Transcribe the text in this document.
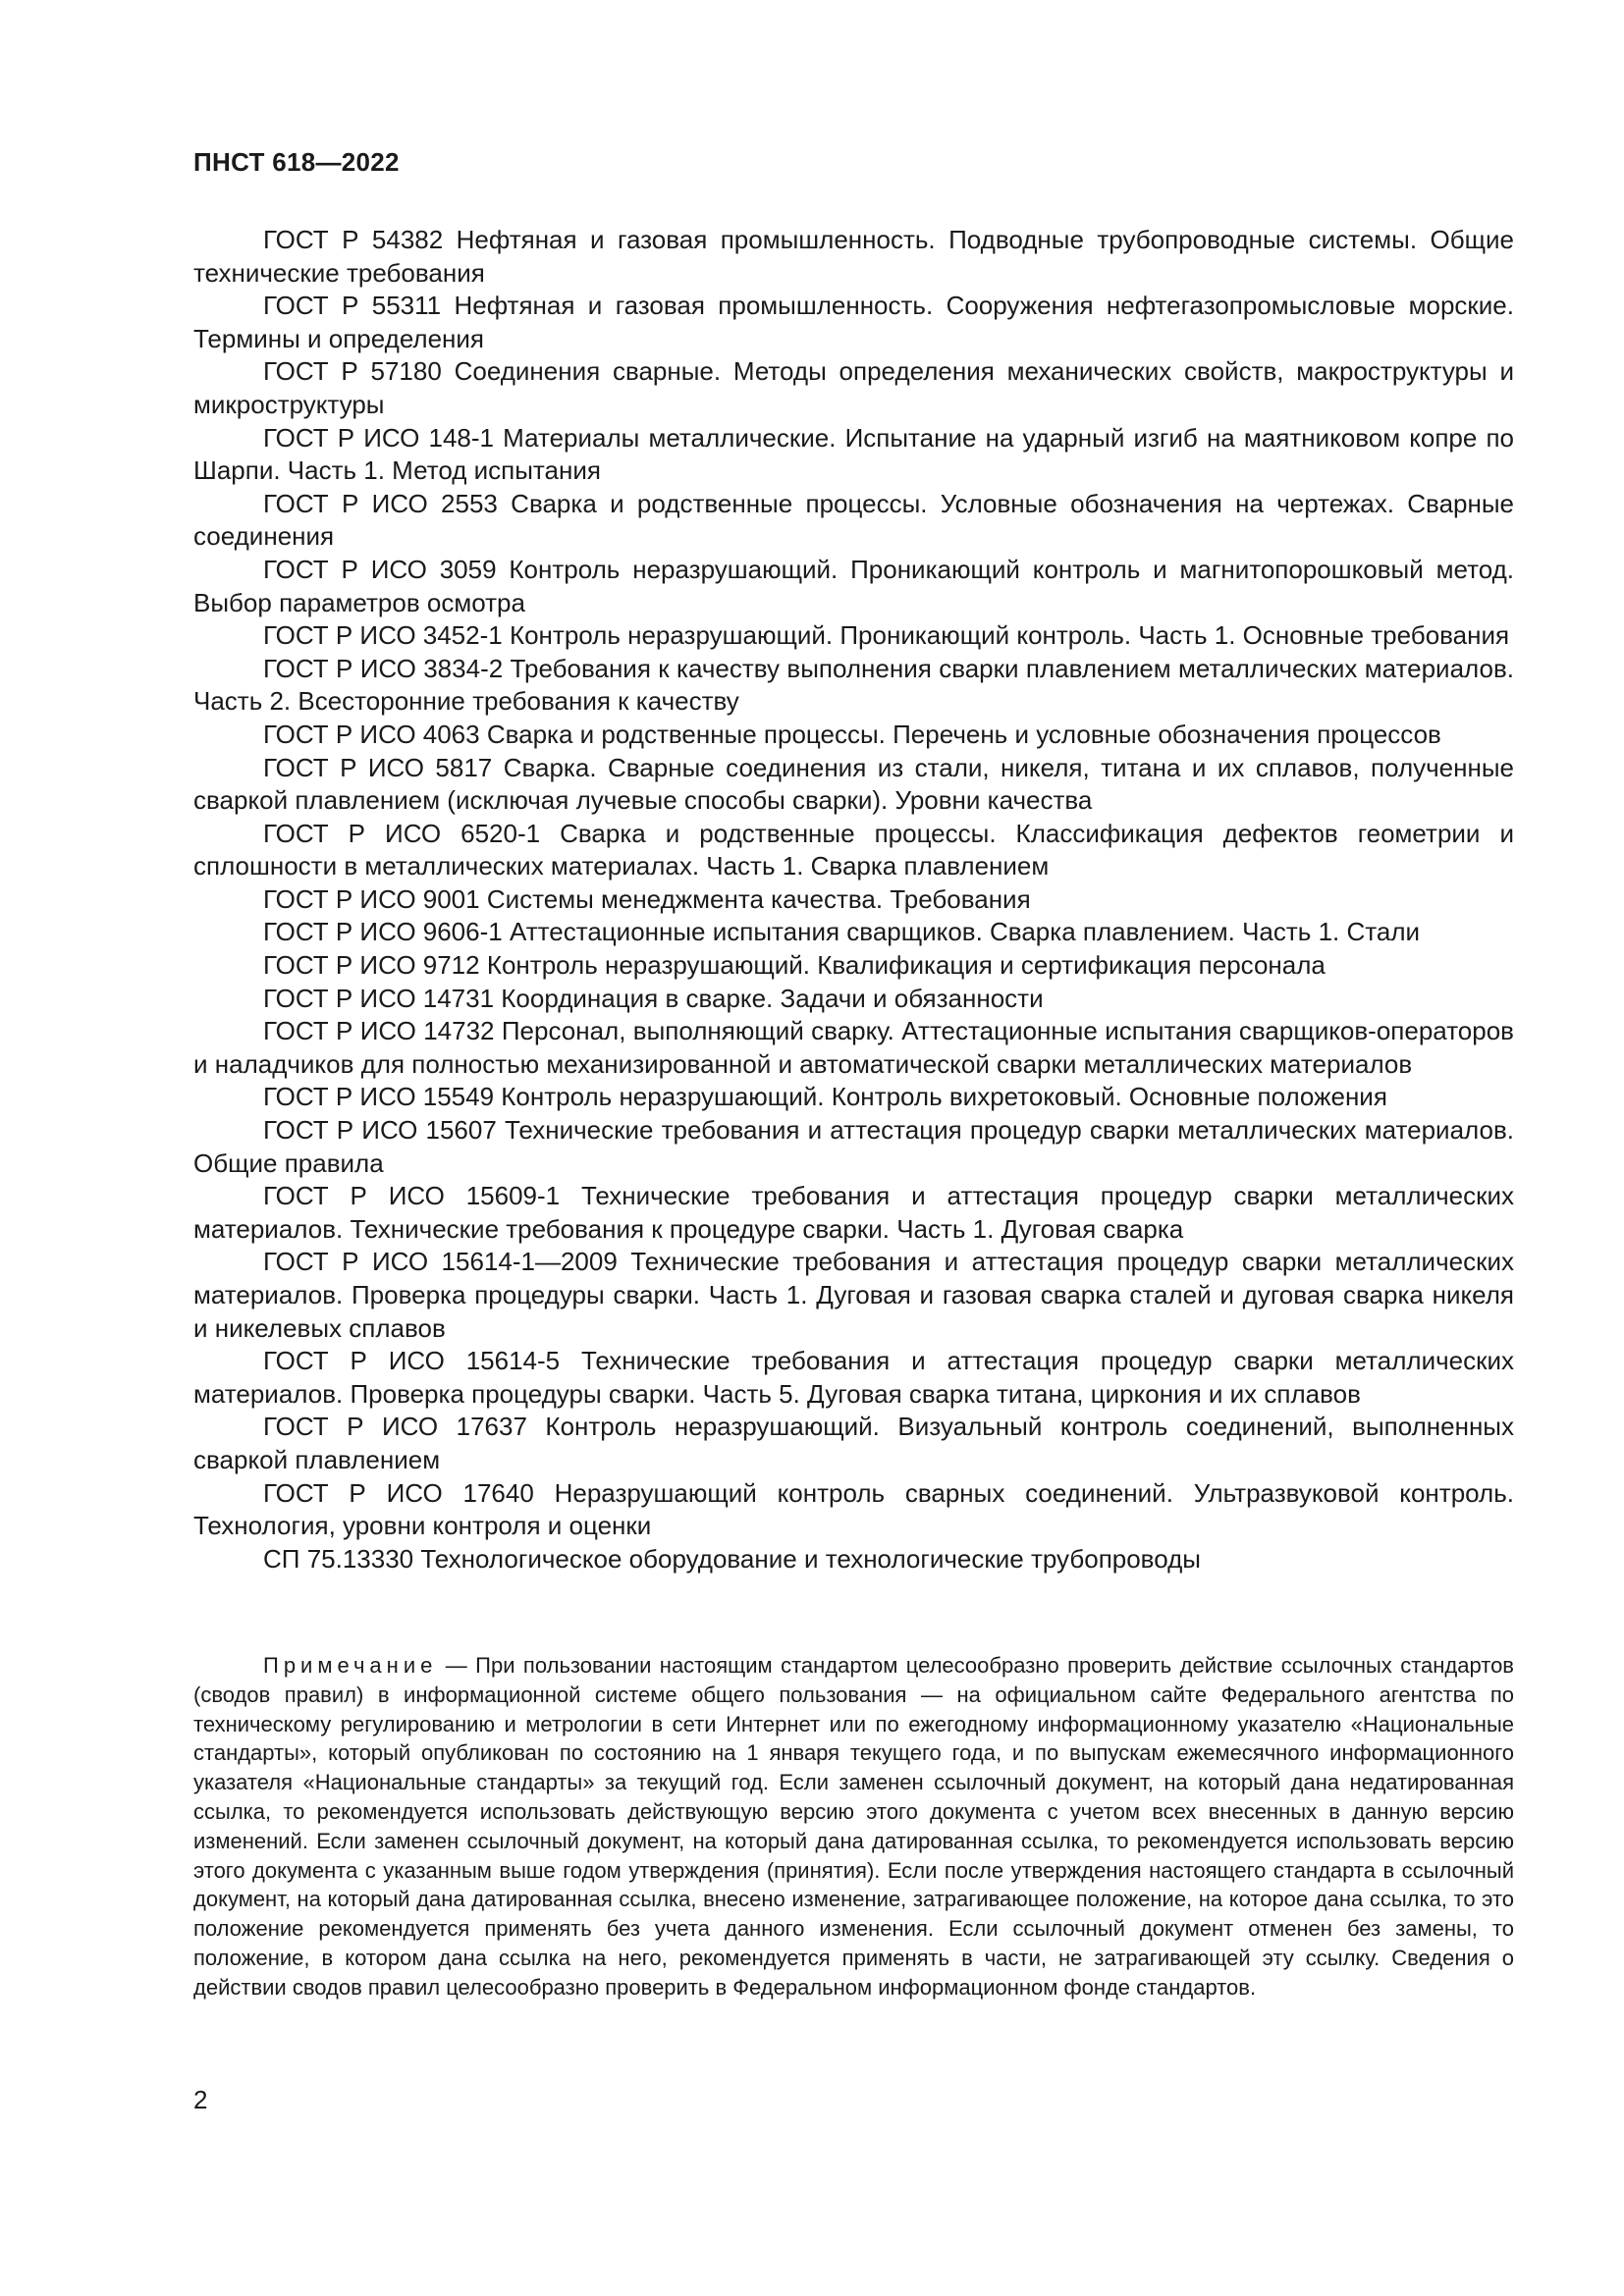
ПНСТ 618—2022
ГОСТ Р 54382 Нефтяная и газовая промышленность. Подводные трубопроводные системы. Общие технические требования
ГОСТ Р 55311 Нефтяная и газовая промышленность. Сооружения нефтегазопромысловые морские. Термины и определения
ГОСТ Р 57180 Соединения сварные. Методы определения механических свойств, макроструктуры и микроструктуры
ГОСТ Р ИСО 148-1 Материалы металлические. Испытание на ударный изгиб на маятниковом копре по Шарпи. Часть 1. Метод испытания
ГОСТ Р ИСО 2553 Сварка и родственные процессы. Условные обозначения на чертежах. Сварные соединения
ГОСТ Р ИСО 3059 Контроль неразрушающий. Проникающий контроль и магнитопорошковый метод. Выбор параметров осмотра
ГОСТ Р ИСО 3452-1 Контроль неразрушающий. Проникающий контроль. Часть 1. Основные требования
ГОСТ Р ИСО 3834-2 Требования к качеству выполнения сварки плавлением металлических материалов. Часть 2. Всесторонние требования к качеству
ГОСТ Р ИСО 4063 Сварка и родственные процессы. Перечень и условные обозначения процессов
ГОСТ Р ИСО 5817 Сварка. Сварные соединения из стали, никеля, титана и их сплавов, полученные сваркой плавлением (исключая лучевые способы сварки). Уровни качества
ГОСТ Р ИСО 6520-1 Сварка и родственные процессы. Классификация дефектов геометрии и сплошности в металлических материалах. Часть 1. Сварка плавлением
ГОСТ Р ИСО 9001 Системы менеджмента качества. Требования
ГОСТ Р ИСО 9606-1 Аттестационные испытания сварщиков. Сварка плавлением. Часть 1. Стали
ГОСТ Р ИСО 9712 Контроль неразрушающий. Квалификация и сертификация персонала
ГОСТ Р ИСО 14731 Координация в сварке. Задачи и обязанности
ГОСТ Р ИСО 14732 Персонал, выполняющий сварку. Аттестационные испытания сварщиков-операторов и наладчиков для полностью механизированной и автоматической сварки металлических материалов
ГОСТ Р ИСО 15549 Контроль неразрушающий. Контроль вихретоковый. Основные положения
ГОСТ Р ИСО 15607 Технические требования и аттестация процедур сварки металлических материалов. Общие правила
ГОСТ Р ИСО 15609-1 Технические требования и аттестация процедур сварки металлических материалов. Технические требования к процедуре сварки. Часть 1. Дуговая сварка
ГОСТ Р ИСО 15614-1—2009 Технические требования и аттестация процедур сварки металлических материалов. Проверка процедуры сварки. Часть 1. Дуговая и газовая сварка сталей и дуговая сварка никеля и никелевых сплавов
ГОСТ Р ИСО 15614-5 Технические требования и аттестация процедур сварки металлических материалов. Проверка процедуры сварки. Часть 5. Дуговая сварка титана, циркония и их сплавов
ГОСТ Р ИСО 17637 Контроль неразрушающий. Визуальный контроль соединений, выполненных сваркой плавлением
ГОСТ Р ИСО 17640 Неразрушающий контроль сварных соединений. Ультразвуковой контроль. Технология, уровни контроля и оценки
СП 75.13330 Технологическое оборудование и технологические трубопроводы

Примечание — При пользовании настоящим стандартом целесообразно проверить действие ссылочных стандартов (сводов правил) в информационной системе общего пользования — на официальном сайте Федерального агентства по техническому регулированию и метрологии в сети Интернет или по ежегодному информационному указателю «Национальные стандарты», который опубликован по состоянию на 1 января текущего года, и по выпускам ежемесячного информационного указателя «Национальные стандарты» за текущий год. Если заменен ссылочный документ, на который дана недатированная ссылка, то рекомендуется использовать действующую версию этого документа с учетом всех внесенных в данную версию изменений. Если заменен ссылочный документ, на который дана датированная ссылка, то рекомендуется использовать версию этого документа с указанным выше годом утверждения (принятия). Если после утверждения настоящего стандарта в ссылочный документ, на который дана датированная ссылка, внесено изменение, затрагивающее положение, на которое дана ссылка, то это положение рекомендуется применять без учета данного изменения. Если ссылочный документ отменен без замены, то положение, в котором дана ссылка на него, рекомендуется применять в части, не затрагивающей эту ссылку. Сведения о действии сводов правил целесообразно проверить в Федеральном информационном фонде стандартов.

2
